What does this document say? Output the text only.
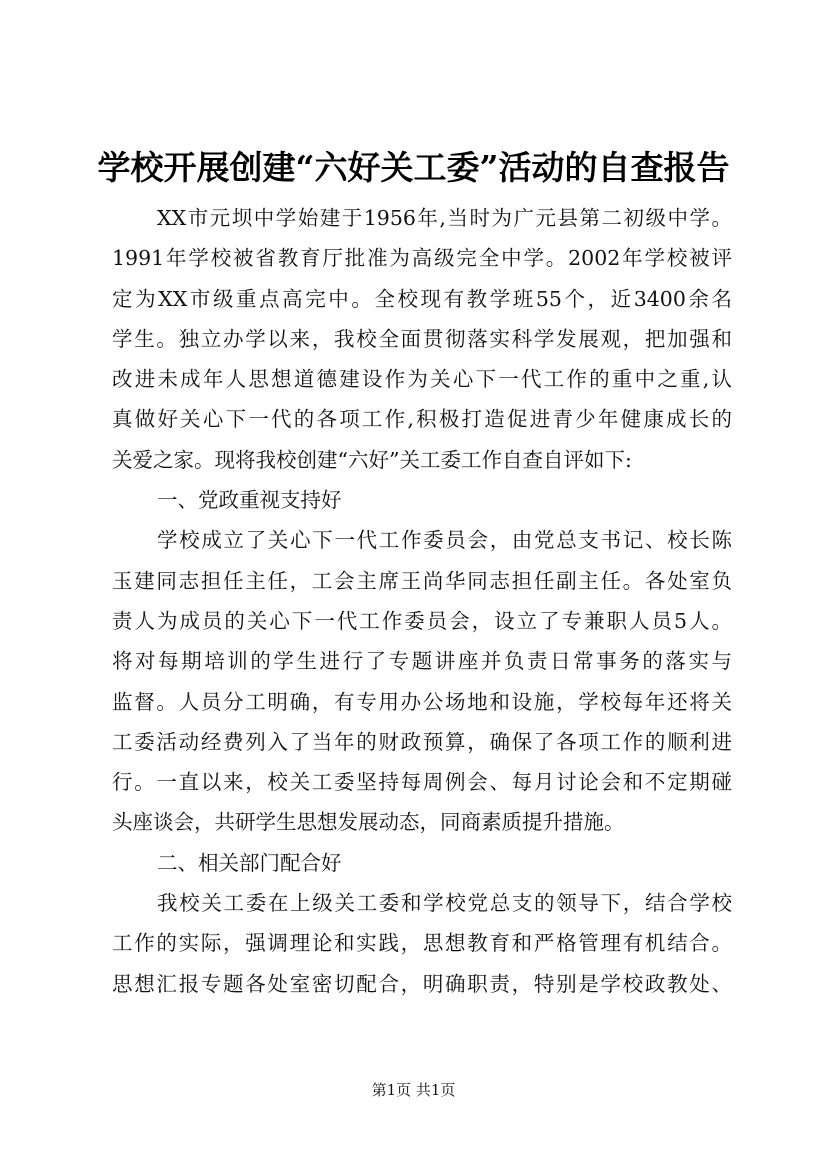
学校开展创建“六好关工委”活动的自查报告
XX市元坝中学始建于1956年,当时为广元县第二初级中学。
1991年学校被省教育厅批准为高级完全中学。2002年学校被评
定为XX市级重点高完中。全校现有教学班55个，近3400余名
学生。独立办学以来，我校全面贯彻落实科学发展观，把加强和
改进未成年人思想道德建设作为关心下一代工作的重中之重,认
真做好关心下一代的各项工作,积极打造促进青少年健康成长的
关爱之家。现将我校创建“六好”关工委工作自查自评如下:
一、党政重视支持好
学校成立了关心下一代工作委员会，由党总支书记、校长陈
玉建同志担任主任，工会主席王尚华同志担任副主任。各处室负
责人为成员的关心下一代工作委员会，设立了专兼职人员5人。
将对每期培训的学生进行了专题讲座并负责日常事务的落实与
监督。人员分工明确，有专用办公场地和设施，学校每年还将关
工委活动经费列入了当年的财政预算，确保了各项工作的顺利进
行。一直以来，校关工委坚持每周例会、每月讨论会和不定期碰
头座谈会，共研学生思想发展动态，同商素质提升措施。
二、相关部门配合好
我校关工委在上级关工委和学校党总支的领导下，结合学校
工作的实际，强调理论和实践，思想教育和严格管理有机结合。
思想汇报专题各处室密切配合，明确职责，特别是学校政教处、
第1页 共1页
